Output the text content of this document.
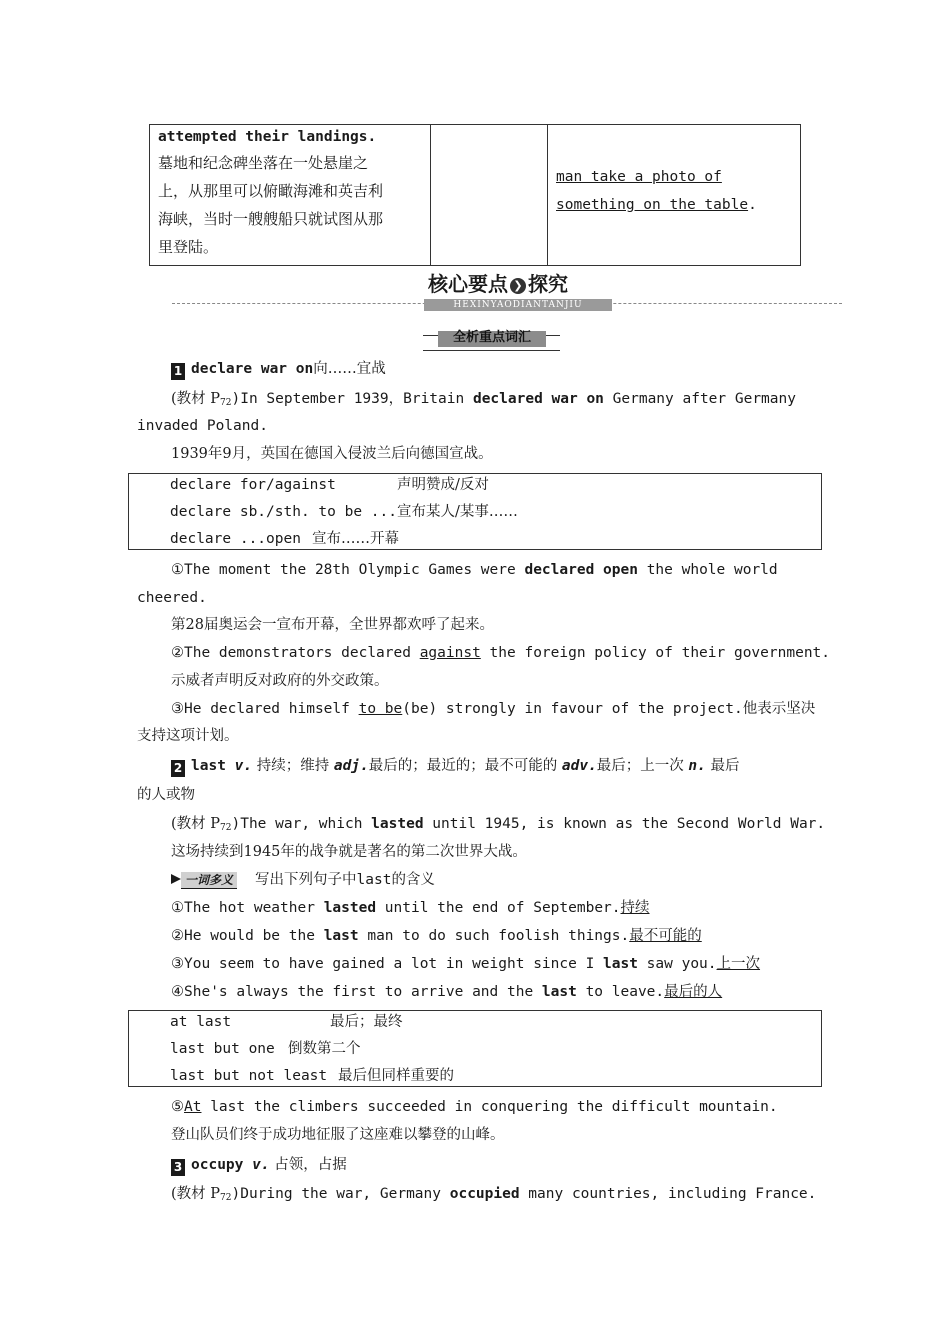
attempted their landings.
墓地和纪念碑坐落在一处悬崖之
上，从那里可以俯瞰海滩和英吉利
海峡，当时一艘艘船只就试图从那
里登陆。

man take a photo of
something on the table.
HEXINYAODIANTANJIU
核心要点 ❯ 探究
全析重点词汇
1 declare war on向……宜战
(教材 $P_{72})In$ September 1939，Britain declared war on Germany after Germany
invaded Poland.
1939年9月，英国在德国入侵波兰后向德国宣战。
declare for/against	声明赞成/反对
declare sb./sth. to be ... 宣布某人/某事……
declare ...open 宣布……开幕
①The moment the 28th Olympic Games were declared open the whole world
cheered.
第28届奥运会一宣布开幕，全世界都欢呼了起来。
②The demonstrators declared against the foreign policy of their government.
示威者声明反对政府的外交政策。
③He declared himself to be(be) strongly in favour of the project.他表示坚决
支持这项计划。
2 last v. 持续；维持 adj.最后的；最近的；最不可能的 adv.最后；上一次 n. 最后
的人或物
(教材 $P_{72})The$ war, which lasted until 1945, is known as the Second World War.
这场持续到1945年的战争就是著名的第二次世界大战。
一词多义 写出下列句子中last的含义
①The hot weather lasted until the end of September.持续
②He would be the last man to do such foolish things.最不可能的
③You seem to have gained a lot in weight since I last saw you.上一次
④She's always the first to arrive and the last to leave.最后的人
at last	最后；最终
last but one 倒数第二个
last but not least 最后但同样重要的
⑤At last the climbers succeeded in conquering the difficult mountain.
登山队员们终于成功地征服了这座难以攀登的山峰。
3 occupy v. 占领，占据
(教材 $P_{72})During$ the war, Germany occupied many countries, including France.
